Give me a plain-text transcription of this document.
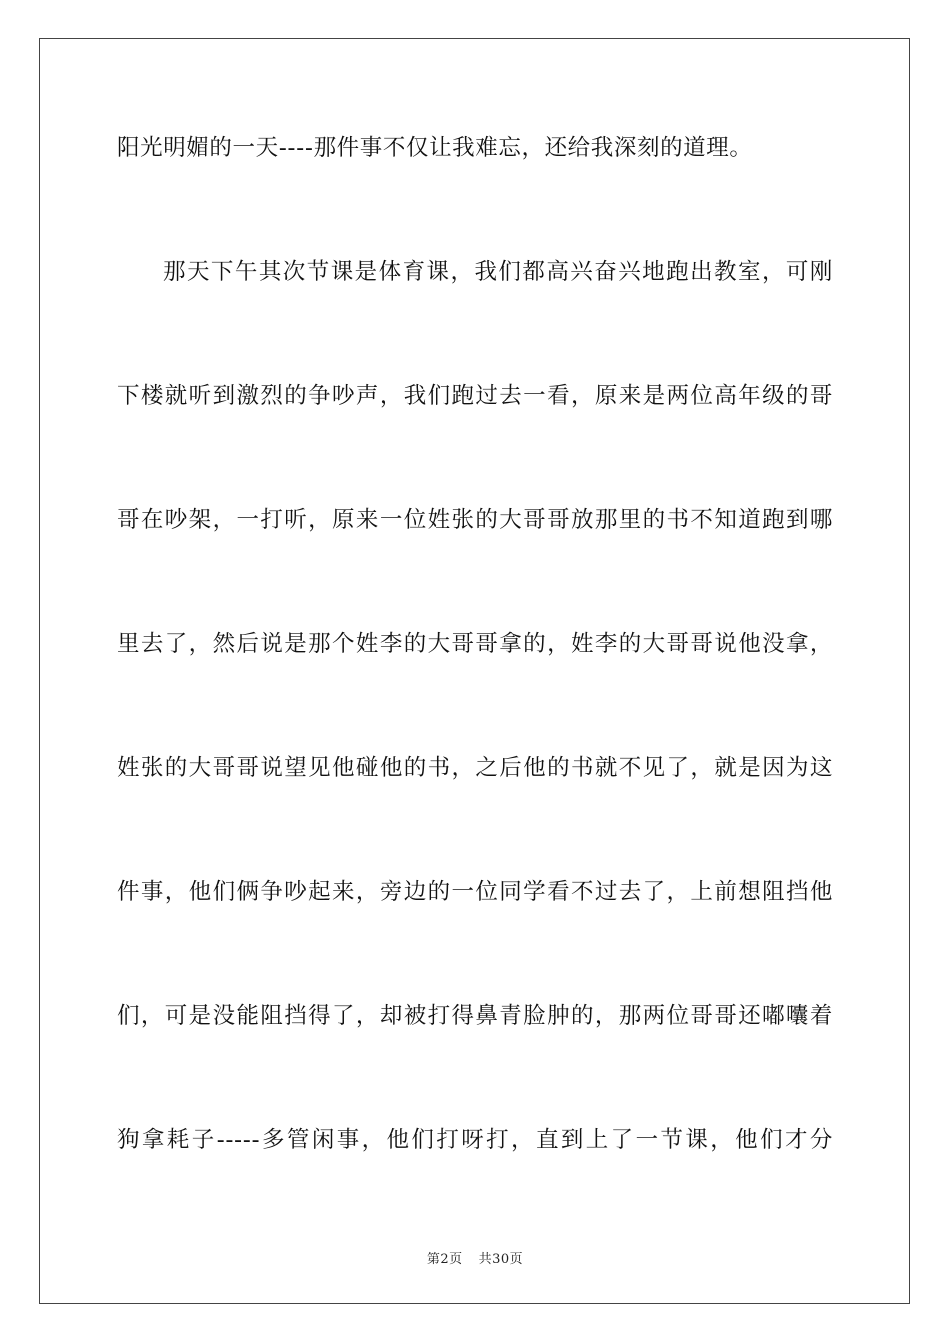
阳光明媚的一天----那件事不仅让我难忘，还给我深刻的道理。
那天下午其次节课是体育课，我们都高兴奋兴地跑出教室，可刚
下楼就听到激烈的争吵声，我们跑过去一看，原来是两位高年级的哥
哥在吵架，一打听，原来一位姓张的大哥哥放那里的书不知道跑到哪
里去了，然后说是那个姓李的大哥哥拿的，姓李的大哥哥说他没拿，
姓张的大哥哥说望见他碰他的书，之后他的书就不见了，就是因为这
件事，他们俩争吵起来，旁边的一位同学看不过去了，上前想阻挡他
们，可是没能阻挡得了，却被打得鼻青脸肿的，那两位哥哥还嘟囔着
狗拿耗子-----多管闲事，他们打呀打，直到上了一节课，他们才分
第2页 共30页
